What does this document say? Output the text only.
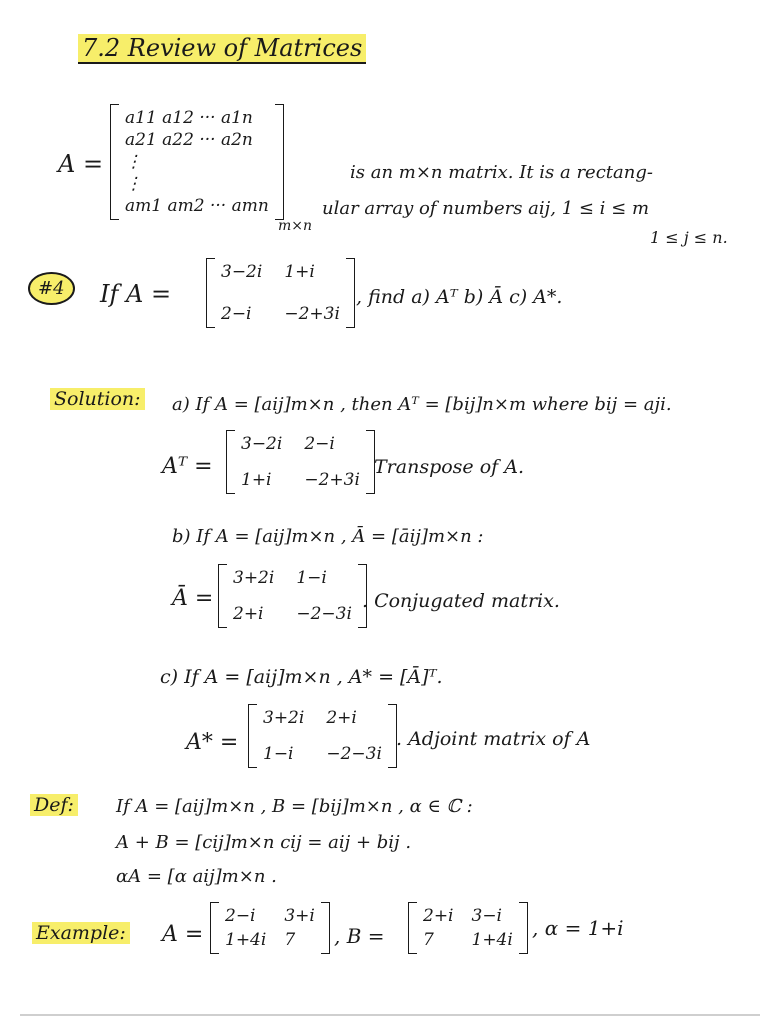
7.2 Review of Matrices
A =
a11 a12 ··· a1n
a21 a22 ··· a2n
⋮
⋮
am1 am2 ··· amn
m×n
is an m×n matrix. It is a rectang-
ular array of numbers aij, 1 ≤ i ≤ m
1 ≤ j ≤ n.
#4	If A =
3−2i 1+i
2−i	−2+3i
, find a) Aᵀ b) Ā c) A*.
Solution: a) If A = [aij]m×n , then Aᵀ = [bij]n×m where bij = aji.
Aᵀ =
3−2i 2−i
1+i	−2+3i
Transpose of A.
b) If A = [aij]m×n , Ā = [āij]m×n :
Ā =
3+2i 1−i
2+i	−2−3i
. Conjugated matrix.
c) If A = [aij]m×n , A* = [Ā]ᵀ.
A* =
3+2i 2+i
1−i	−2−3i
. Adjoint matrix of A
Def: If A = [aij]m×n , B = [bij]m×n , α ∈ ℂ :
A + B = [cij]m×n cij = aij + bij .
αA = [α aij]m×n .
Example: A =
2−i	3+i
1+4i 7	, B =
2+i 3−i
7	1+4i , α = 1+i
